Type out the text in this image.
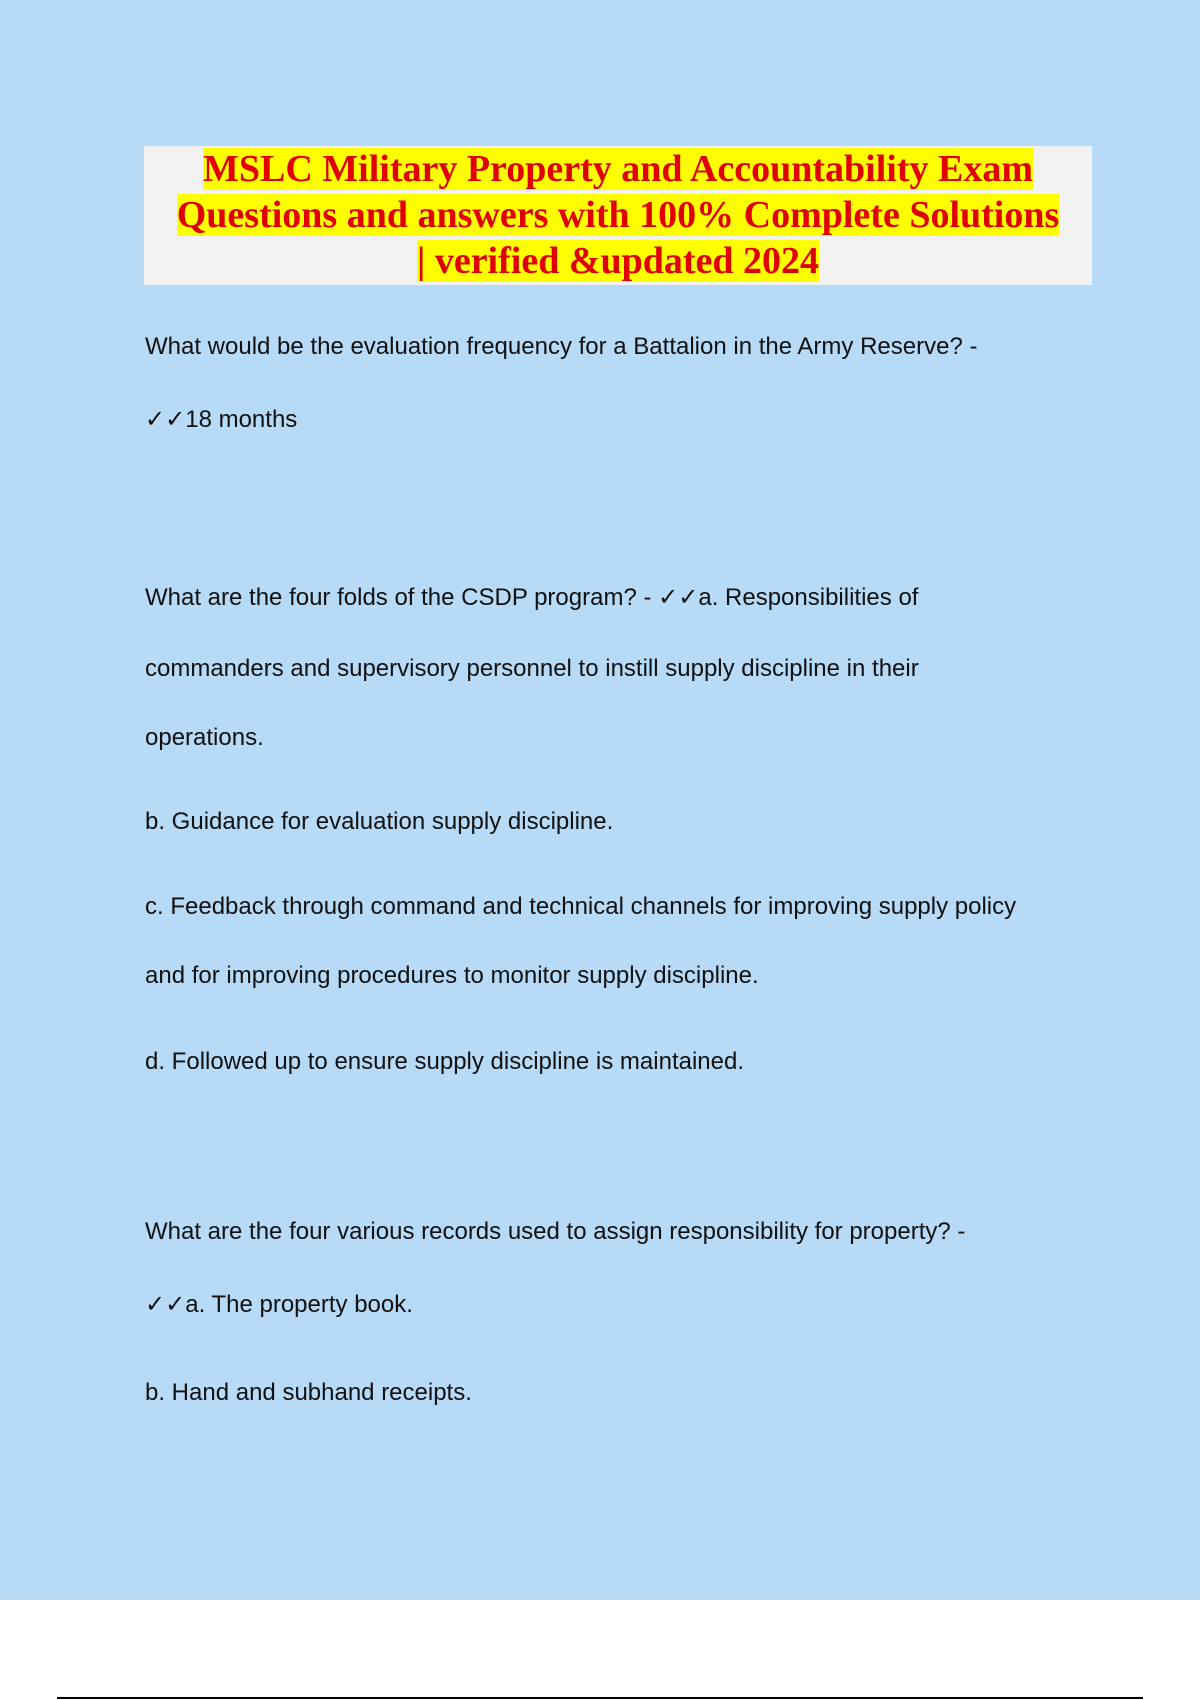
MSLC Military Property and Accountability Exam
Questions and answers with 100% Complete Solutions
| verified &updated 2024
What would be the evaluation frequency for a Battalion in the Army Reserve? -
✓✓18 months
What are the four folds of the CSDP program? - ✓✓a. Responsibilities of
commanders and supervisory personnel to instill supply discipline in their
operations.
b. Guidance for evaluation supply discipline.
c. Feedback through command and technical channels for improving supply policy
and for improving procedures to monitor supply discipline.
d. Followed up to ensure supply discipline is maintained.
What are the four various records used to assign responsibility for property? -
✓✓a. The property book.
b. Hand and subhand receipts.
